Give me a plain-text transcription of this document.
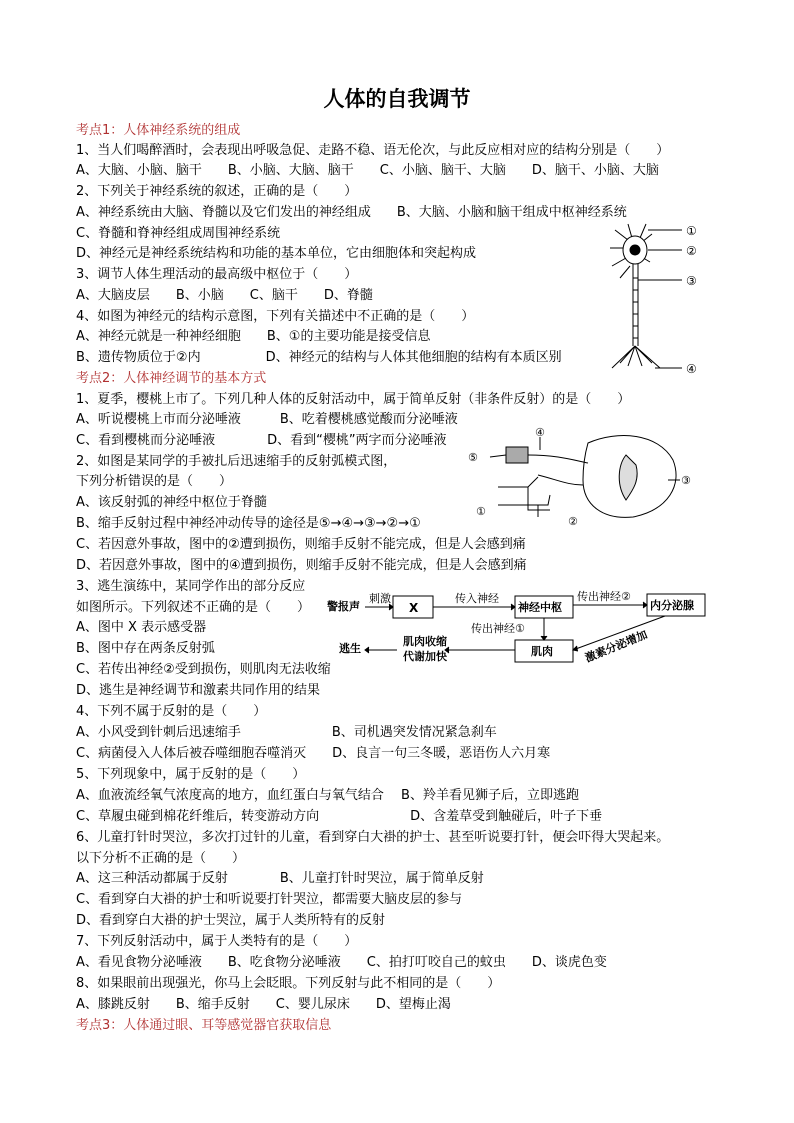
人体的自我调节
考点1：人体神经系统的组成
1、当人们喝醉酒时，会表现出呼吸急促、走路不稳、语无伦次，与此反应相对应的结构分别是（　　）
A、大脑、小脑、脑干　　B、小脑、大脑、脑干　　C、小脑、脑干、大脑　　D、脑干、小脑、大脑
2、下列关于神经系统的叙述，正确的是（　　）
A、神经系统由大脑、脊髓以及它们发出的神经组成　　B、大脑、小脑和脑干组成中枢神经系统
C、脊髓和脊神经组成周围神经系统
D、神经元是神经系统结构和功能的基本单位，它由细胞体和突起构成
3、调节人体生理活动的最高级中枢位于（　　）
A、大脑皮层　　B、小脑　　C、脑干　　D、脊髓
4、如图为神经元的结构示意图，下列有关描述中不正确的是（　　）
A、神经元就是一种神经细胞　　B、①的主要功能是接受信息
B、遗传物质位于②内　　　　　D、神经元的结构与人体其他细胞的结构有本质区别
考点2：人体神经调节的基本方式
1、夏季，樱桃上市了。下列几种人体的反射活动中，属于简单反射（非条件反射）的是（　　）
A、听说樱桃上市而分泌唾液　　　B、吃着樱桃感觉酸而分泌唾液
C、看到樱桃而分泌唾液　　　　D、看到“樱桃”两字而分泌唾液
2、如图是某同学的手被扎后迅速缩手的反射弧模式图，
下列分析错误的是（　　）
A、该反射弧的神经中枢位于脊髓
B、缩手反射过程中神经冲动传导的途径是⑤→④→③→②→①
C、若因意外事故，图中的②遭到损伤，则缩手反射不能完成，但是人会感到痛
D、若因意外事故，图中的④遭到损伤，则缩手反射不能完成，但是人会感到痛
3、逃生演练中，某同学作出的部分反应
如图所示。下列叙述不正确的是（　　）
A、图中 X 表示感受器
B、图中存在两条反射弧
C、若传出神经②受到损伤，则肌肉无法收缩
D、逃生是神经调节和激素共同作用的结果
4、下列不属于反射的是（　　）
A、小风受到针刺后迅速缩手　　　　　　　B、司机遇突发情况紧急刹车
C、病菌侵入人体后被吞噬细胞吞噬消灭　　D、良言一句三冬暖，恶语伤人六月寒
5、下列现象中，属于反射的是（　　）
A、血液流经氧气浓度高的地方，血红蛋白与氧气结合　 B、羚羊看见狮子后，立即逃跑
C、草履虫碰到棉花纤维后，转变游动方向　　　　　　　D、含羞草受到触碰后，叶子下垂
6、儿童打针时哭泣，多次打过针的儿童，看到穿白大褂的护士、甚至听说要打针，便会吓得大哭起来。
以下分析不正确的是（　　）
A、这三种活动都属于反射　　　　B、儿童打针时哭泣，属于简单反射
C、看到穿白大褂的护士和听说要打针哭泣，都需要大脑皮层的参与
D、看到穿白大褂的护士哭泣，属于人类所特有的反射
7、下列反射活动中，属于人类特有的是（　　）
A、看见食物分泌唾液　　B、吃食物分泌唾液　　C、拍打叮咬自己的蚊虫　　D、谈虎色变
8、如果眼前出现强光，你马上会眨眼。下列反射与此不相同的是（　　）
A、膝跳反射　　B、缩手反射　　C、婴儿尿床　　D、望梅止渴
考点3：人体通过眼、耳等感觉器官获取信息
①
②
③
④
④
⑤
③
①
②
警报声
刺激
X
传入神经
神经中枢
传出神经②
内分泌腺
传出神经①
肌肉
肌肉收缩
代谢加快
逃生	激素分泌增加
